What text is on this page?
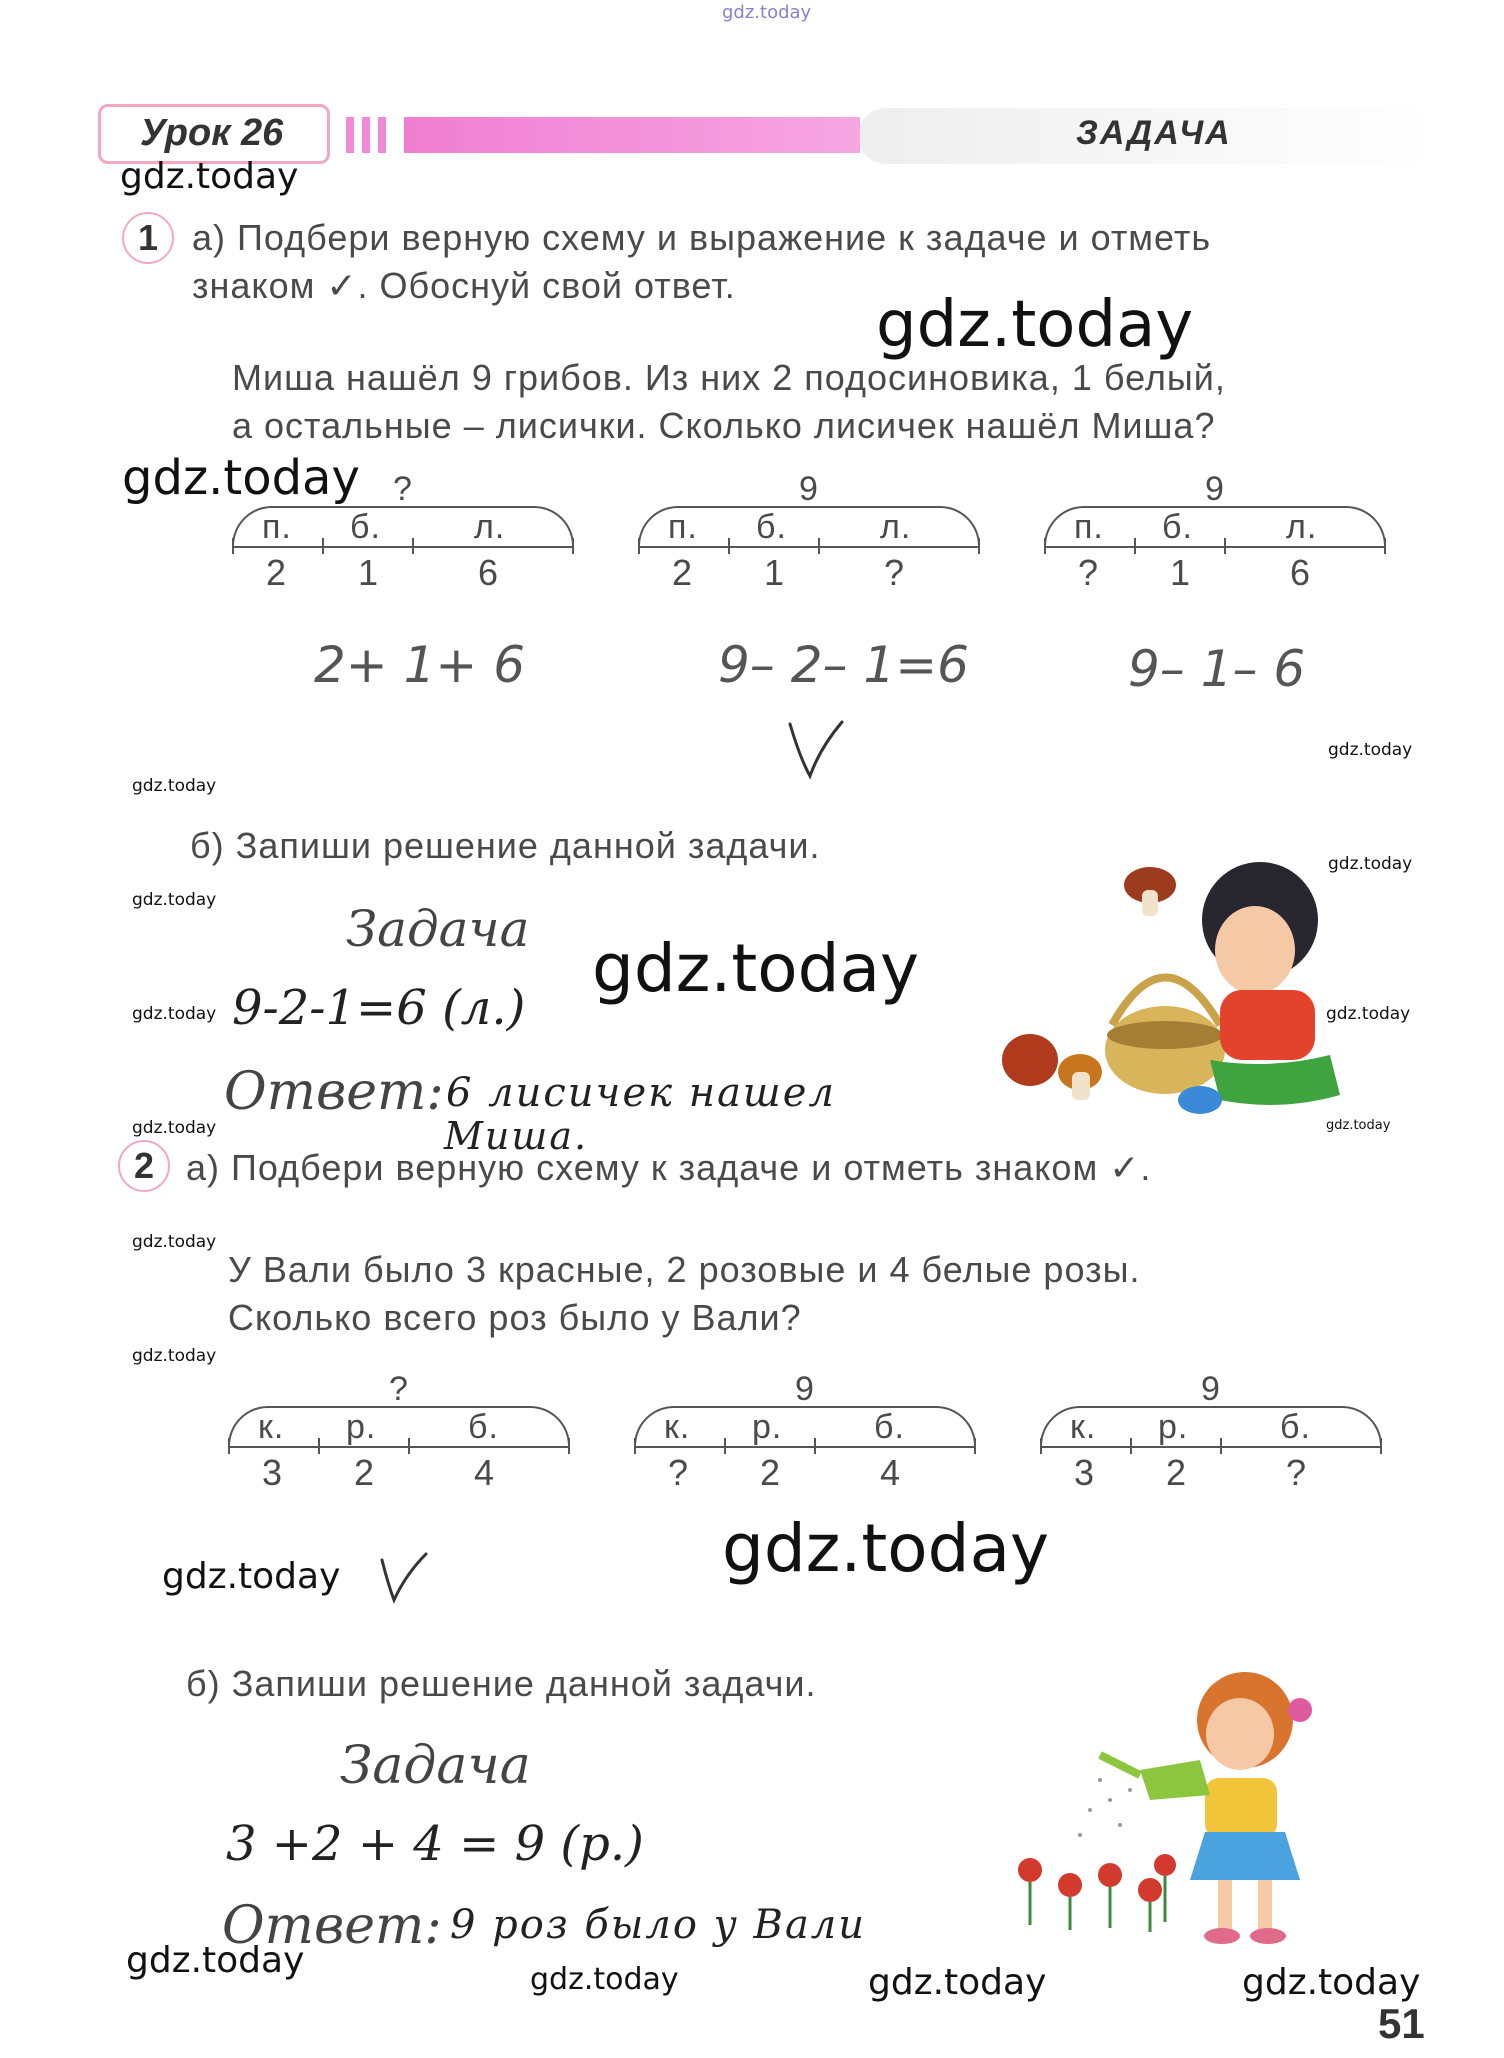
gdz.today
Урок 26	ЗАДАЧА
1 а) Подбери верную схему и выражение к задаче и отметь
знаком ✓. Обоснуй свой ответ.
Миша нашёл 9 грибов. Из них 2 подосиновика, 1 белый,
а остальные – лисички. Сколько лисичек нашёл Миша?
?
п. б.	л.
2 1	6
9
п. б.	л.
2 1	?
9
п. б.	л.
? 1	6
2+ 1+ 6	9– 2– 1=6	9– 1– 6
б) Запиши решение данной задачи.
Задача
9-2-1=6 (л.)
Ответ: 6 лисичек нашел
Миша.
2 а) Подбери верную схему к задаче и отметь знаком ✓.
У Вали было 3 красные, 2 розовые и 4 белые розы.
Сколько всего роз было у Вали?
?
к. р.	б.
3 2	4
9
к. р.	б.
? 2	4
9
к. р.	б.
3 2	?
б) Запиши решение данной задачи.
Задача
3 +2 + 4 = 9 (р.)
Ответ: 9 роз было у Вали
51
gdz.today
gdz.today
gdz.today
gdz.today
gdz.today
gdz.today
gdz.today
gdz.today
gdz.today	gdz.today
gdz.today	gdz.today
gdz.today
gdz.today
gdz.today	gdz.today
gdz.today	gdz.today	gdz.today	gdz.today
